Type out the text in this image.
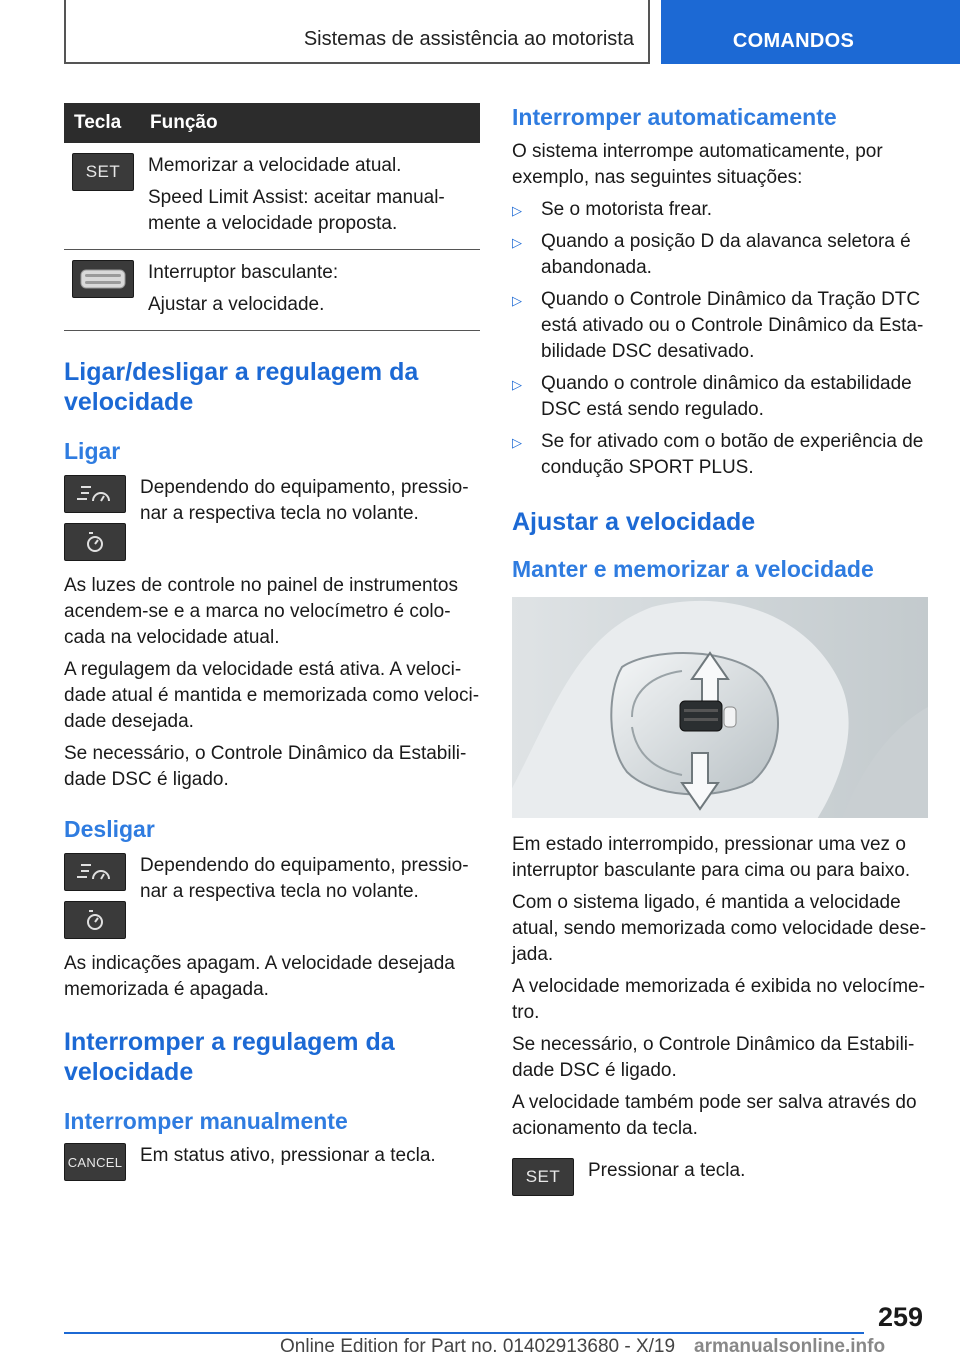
Sistemas de assistência ao motorista	COMANDOS
Tecla	Função

SET	Memorizar a velocidade atual.

Speed Limit Assist: aceitar manualmente a velocidade proposta.

Interruptor basculante:

Ajustar a velocidade.

Ligar/desligar a regulagem da velocidade
Ligar
Dependendo do equipamento, pressionar a respectiva tecla no volante.

As luzes de controle no painel de instrumentos acendem-se e a marca no velocímetro é colocada na velocidade atual.

A regulagem da velocidade está ativa. A velocidade atual é mantida e memorizada como velocidade desejada.

Se necessário, o Controle Dinâmico da Estabilidade DSC é ligado.

Desligar
Dependendo do equipamento, pressionar a respectiva tecla no volante.

As indicações apagam. A velocidade desejada memorizada é apagada.

Interromper a regulagem da velocidade
Interromper manualmente
CANCEL Em status ativo, pressionar a tecla.
Interromper automaticamente

O sistema interrompe automaticamente, por exemplo, nas seguintes situações:

▷ Se o motorista frear.
▷ Quando a posição D da alavanca seletora é abandonada.
▷ Quando o Controle Dinâmico da Tração DTC está ativado ou o Controle Dinâmico da Estabilidade DSC desativado.
▷ Quando o controle dinâmico da estabilidade DSC está sendo regulado.
▷ Se for ativado com o botão de experiência de condução SPORT PLUS.
Ajustar a velocidade
Manter e memorizar a velocidade

Em estado interrompido, pressionar uma vez o interruptor basculante para cima ou para baixo.

Com o sistema ligado, é mantida a velocidade atual, sendo memorizada como velocidade desejada.

A velocidade memorizada é exibida no velocímetro.

Se necessário, o Controle Dinâmico da Estabilidade DSC é ligado.

A velocidade também pode ser salva através do acionamento da tecla.

SET Pressionar a tecla.
259
Online Edition for Part no. 01402913680 - X/19 armanualsonline.info
